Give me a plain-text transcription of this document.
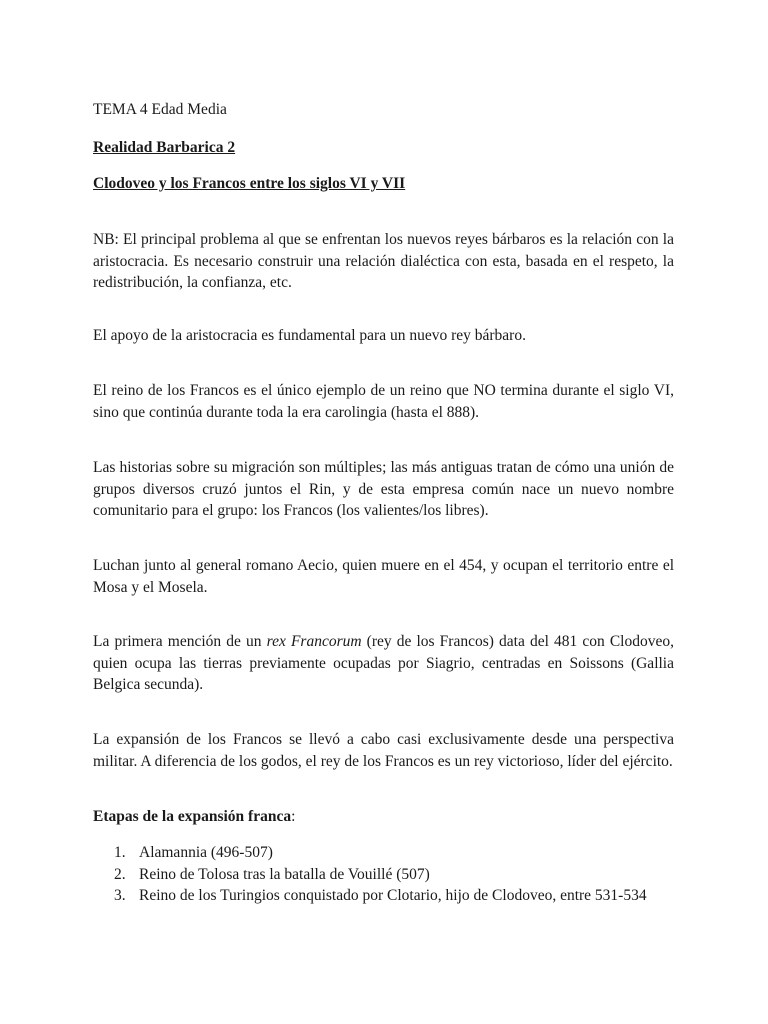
TEMA 4 Edad Media

Realidad Barbarica 2

Clodoveo y los Francos entre los siglos VI y VII

NB: El principal problema al que se enfrentan los nuevos reyes bárbaros es la relación con la aristocracia. Es necesario construir una relación dialéctica con esta, basada en el respeto, la redistribución, la confianza, etc.

El apoyo de la aristocracia es fundamental para un nuevo rey bárbaro.

El reino de los Francos es el único ejemplo de un reino que NO termina durante el siglo VI, sino que continúa durante toda la era carolingia (hasta el 888).

Las historias sobre su migración son múltiples; las más antiguas tratan de cómo una unión de grupos diversos cruzó juntos el Rin, y de esta empresa común nace un nuevo nombre comunitario para el grupo: los Francos (los valientes/los libres).

Luchan junto al general romano Aecio, quien muere en el 454, y ocupan el territorio entre el Mosa y el Mosela.

La primera mención de un rex Francorum (rey de los Francos) data del 481 con Clodoveo, quien ocupa las tierras previamente ocupadas por Siagrio, centradas en Soissons (Gallia Belgica secunda).

La expansión de los Francos se llevó a cabo casi exclusivamente desde una perspectiva militar. A diferencia de los godos, el rey de los Francos es un rey victorioso, líder del ejército.

Etapas de la expansión franca:

1. Alamannia (496-507)
2. Reino de Tolosa tras la batalla de Vouillé (507)
3. Reino de los Turingios conquistado por Clotario, hijo de Clodoveo, entre 531-534
